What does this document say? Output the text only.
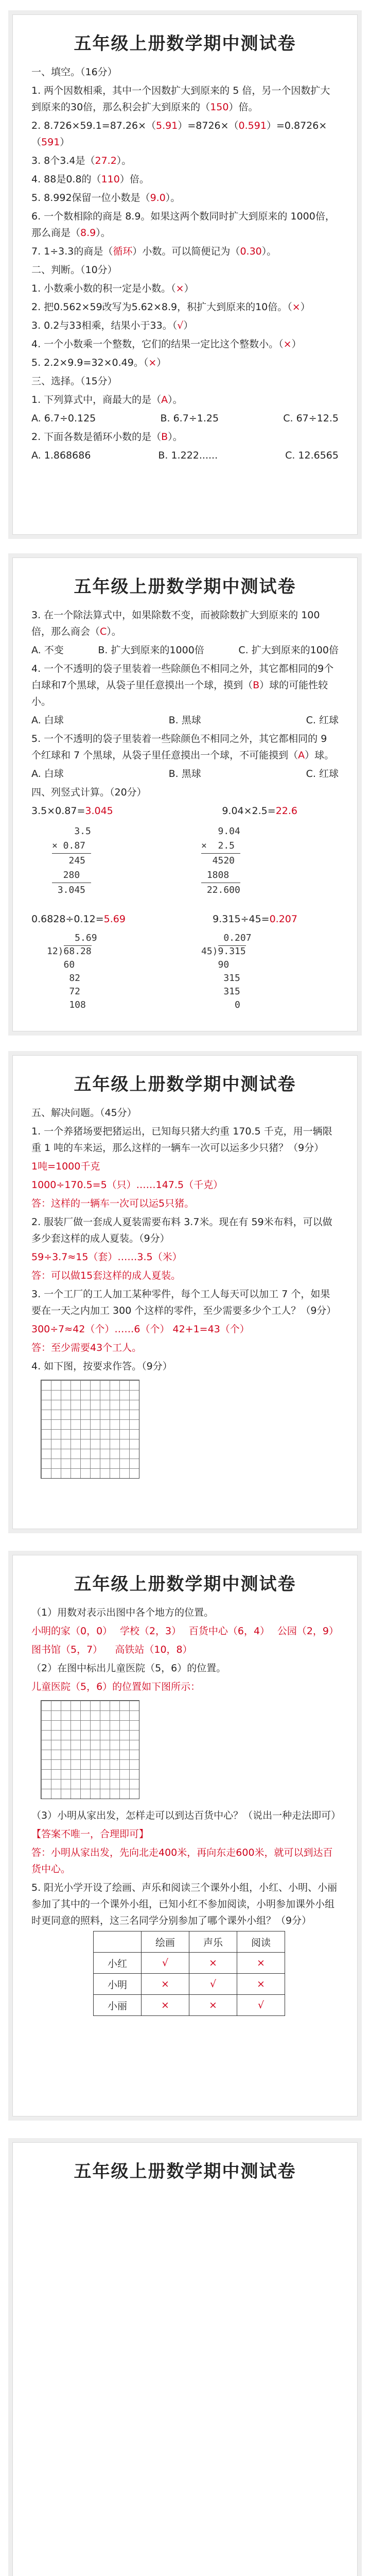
五年级上册数学期中测试卷
一、填空。（16分）
1. 两个因数相乘，其中一个因数扩大到原来的 5 倍，另一个因数扩大到原来的30倍，那么积会扩大到原来的（150）倍。
2. 8.726×59.1=87.26×（5.91）=8726×（0.591）=0.8726×（591）
3. 8个3.4是（27.2）。
4. 88是0.8的（110）倍。
5. 8.992保留一位小数是（9.0）。
6. 一个数相除的商是 8.9。如果这两个数同时扩大到原来的 1000倍，那么商是（8.9）。
7. 1÷3.3的商是（循环）小数。可以简便记为（0.30）。
二、判断。（10分）
1. 小数乘小数的积一定是小数。（×）
2. 把0.562×59改写为5.62×8.9，积扩大到原来的10倍。（×）
3. 0.2与33相乘，结果小于33。（√）
4. 一个小数乘一个整数，它们的结果一定比这个整数小。（×）
5. 2.2×9.9=32×0.49。（×）
三、选择。（15分）
1. 下列算式中，商最大的是（A）。
A. 6.7÷0.125	B. 6.7÷1.25	C. 67÷12.5
2. 下面各数是循环小数的是（B）。
A. 1.868686	B. 1.222......	C. 12.6565
五年级上册数学期中测试卷
3. 在一个除法算式中，如果除数不变，而被除数扩大到原来的 100倍，那么商会（C）。
A. 不变	B. 扩大到原来的1000倍	C. 扩大到原来的100倍
4. 一个不透明的袋子里装着一些除颜色不相同之外，其它都相同的9个白球和7个黑球，从袋子里任意摸出一个球，摸到（B）球的可能性较小。
A. 白球	B. 黑球	C. 红球
5. 一个不透明的袋子里装着一些除颜色不相同之外，其它都相同的 9 个红球和 7 个黑球，从袋子里任意摸出一个球，不可能摸到（A）球。
A. 白球	B. 黑球	C. 红球
四、列竖式计算。（20分）
3.5×0.87=3.045	9.04×2.5=22.6
3.5
× 0.87
245
280
3.045
9.04
×  2.5
4520
1808
22.600
0.6828÷0.12=5.69	9.315÷45=0.207
5.69
12)68.28
60
82
72
108
0.207
45)9.315
90
315
315
0
五年级上册数学期中测试卷
五、解决问题。（45分）
1. 一个养猪场要把猪运出，已知每只猪大约重 170.5 千克，用一辆限重 1 吨的车来运，那么这样的一辆车一次可以运多少只猪？（9分）
1吨=1000千克
1000÷170.5=5（只）……147.5（千克）
答：这样的一辆车一次可以运5只猪。
2. 服装厂做一套成人夏装需要布料 3.7米。现在有 59米布料，可以做多少套这样的成人夏装。（9分）
59÷3.7≈15（套）……3.5（米）
答：可以做15套这样的成人夏装。
3. 一个工厂的工人加工某种零件，每个工人每天可以加工 7 个，如果要在一天之内加工 300 个这样的零件，至少需要多少个工人？（9分）
300÷7≈42（个）……6（个） 42+1=43（个）
答：至少需要43个工人。
4. 如下图，按要求作答。（9分）
五年级上册数学期中测试卷
（1）用数对表示出图中各个地方的位置。
小明的家（0，0） 学校（2，3） 百货中心（6，4） 公园（2，9）
图书馆（5，7） 高铁站（10，8）
（2）在图中标出儿童医院（5，6）的位置。
儿童医院（5，6）的位置如下图所示：
（3）小明从家出发，怎样走可以到达百货中心？（说出一种走法即可）
【答案不唯一，合理即可】
答：小明从家出发，先向北走400米，再向东走600米，就可以到达百货中心。
5. 阳光小学开设了绘画、声乐和阅读三个课外小组，小红、小明、小丽参加了其中的一个课外小组，已知小红不参加阅读，小明参加课外小组时更同意的照料，这三名同学分别参加了哪个课外小组？（9分）
	绘画	声乐	阅读
小红	√	×	×
小明	×	√	×
小丽	×	×	√
五年级上册数学期中测试卷
